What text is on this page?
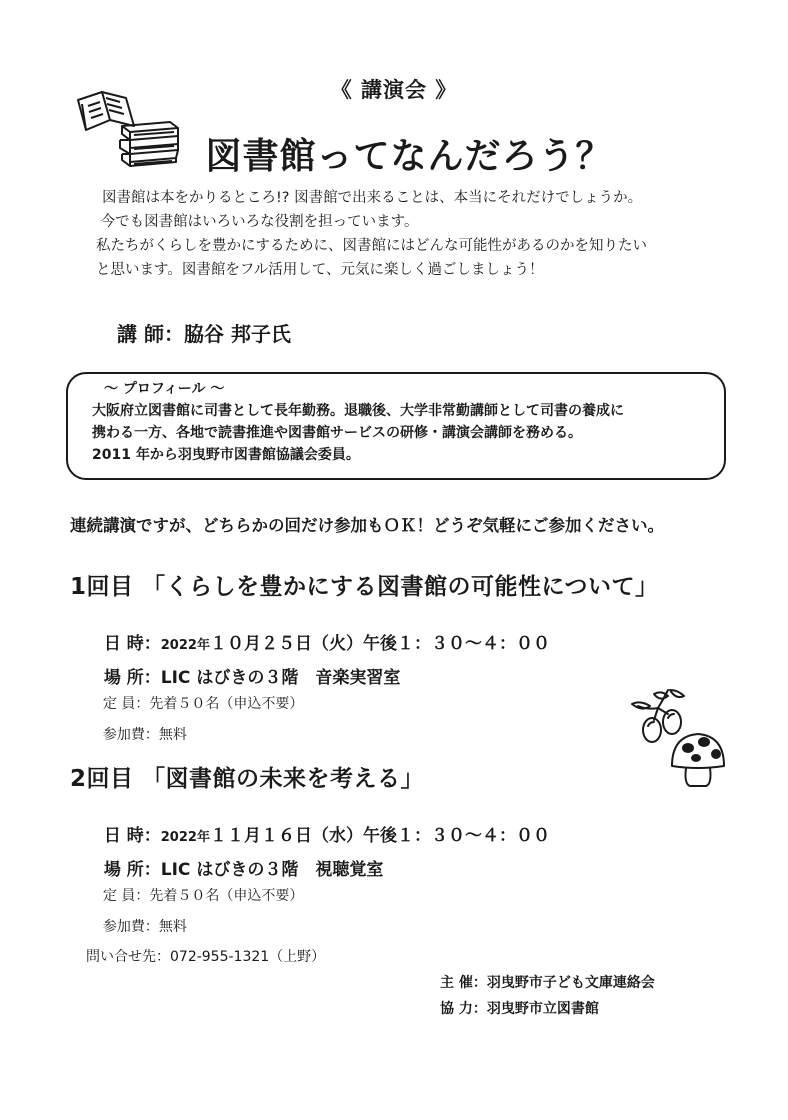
《 講演会 》
図書館ってなんだろう？
図書館は本をかりるところ!? 図書館で出来ることは、本当にそれだけでしょうか。
今でも図書館はいろいろな役割を担っています。
私たちがくらしを豊かにするために、図書館にはどんな可能性があるのかを知りたい
と思います。図書館をフル活用して、元気に楽しく過ごしましょう！
講 師：脇谷 邦子氏
～ プロフィール ～
大阪府立図書館に司書として長年勤務。退職後、大学非常勤講師として司書の養成に
携わる一方、各地で読書推進や図書館サービスの研修・講演会講師を務める。
2011 年から羽曳野市図書館協議会委員。
連続講演ですが、どちらかの回だけ参加もＯＫ！どうぞ気軽にご参加ください。
1回目 「くらしを豊かにする図書館の可能性について」

日 時：2022年１０月２５日（火）午後１：３０～４：００

場 所：LIC はびきの３階　音楽実習室

定 員：先着５０名（申込不要）

参加費：無料

2回目 「図書館の未来を考える」

日 時：2022年１１月１６日（水）午後１：３０～４：００

場 所：LIC はびきの３階　視聴覚室

定 員：先着５０名（申込不要）

参加費：無料

問い合せ先：072-955-1321（上野）
主 催：羽曳野市子ども文庫連絡会
協 力：羽曳野市立図書館
